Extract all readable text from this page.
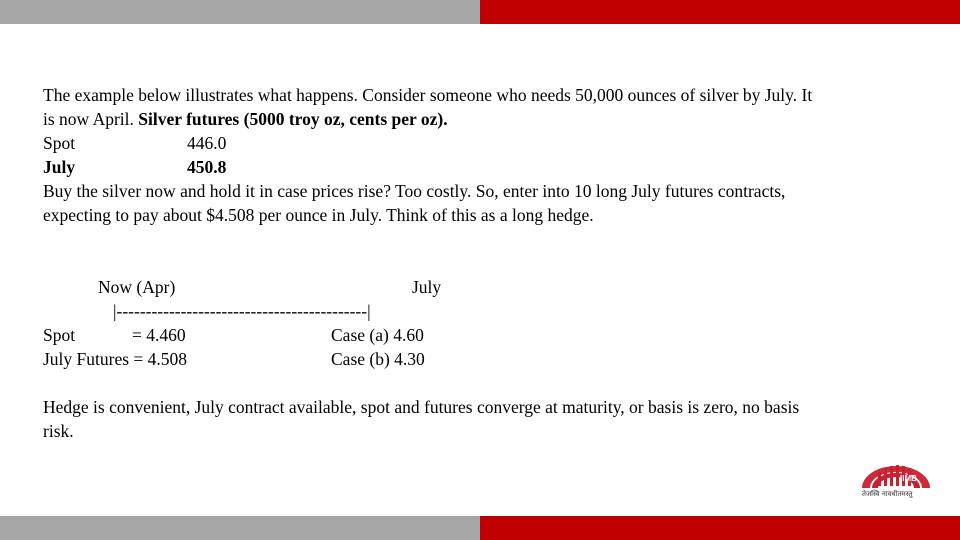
The example below illustrates what happens. Consider someone who needs 50,000 ounces of silver by July. It
is now April. Silver futures (5000 troy oz, cents per oz).
Spot	446.0
July	450.8
Buy the silver now and hold it in case prices rise? Too costly. So, enter into 10 long July futures contracts,
expecting to pay about $4.508 per ounce in July. Think of this as a long hedge.
Now (Apr)	July
|-------------------------------------------|
Spot             = 4.460	Case (a) 4.60
July Futures = 4.508	Case (b) 4.30
Hedge is convenient, July contract available, spot and futures converge at maturity, or basis is zero, no basis
risk.
IIMB
तेजस्वि नावधीतमस्तु
